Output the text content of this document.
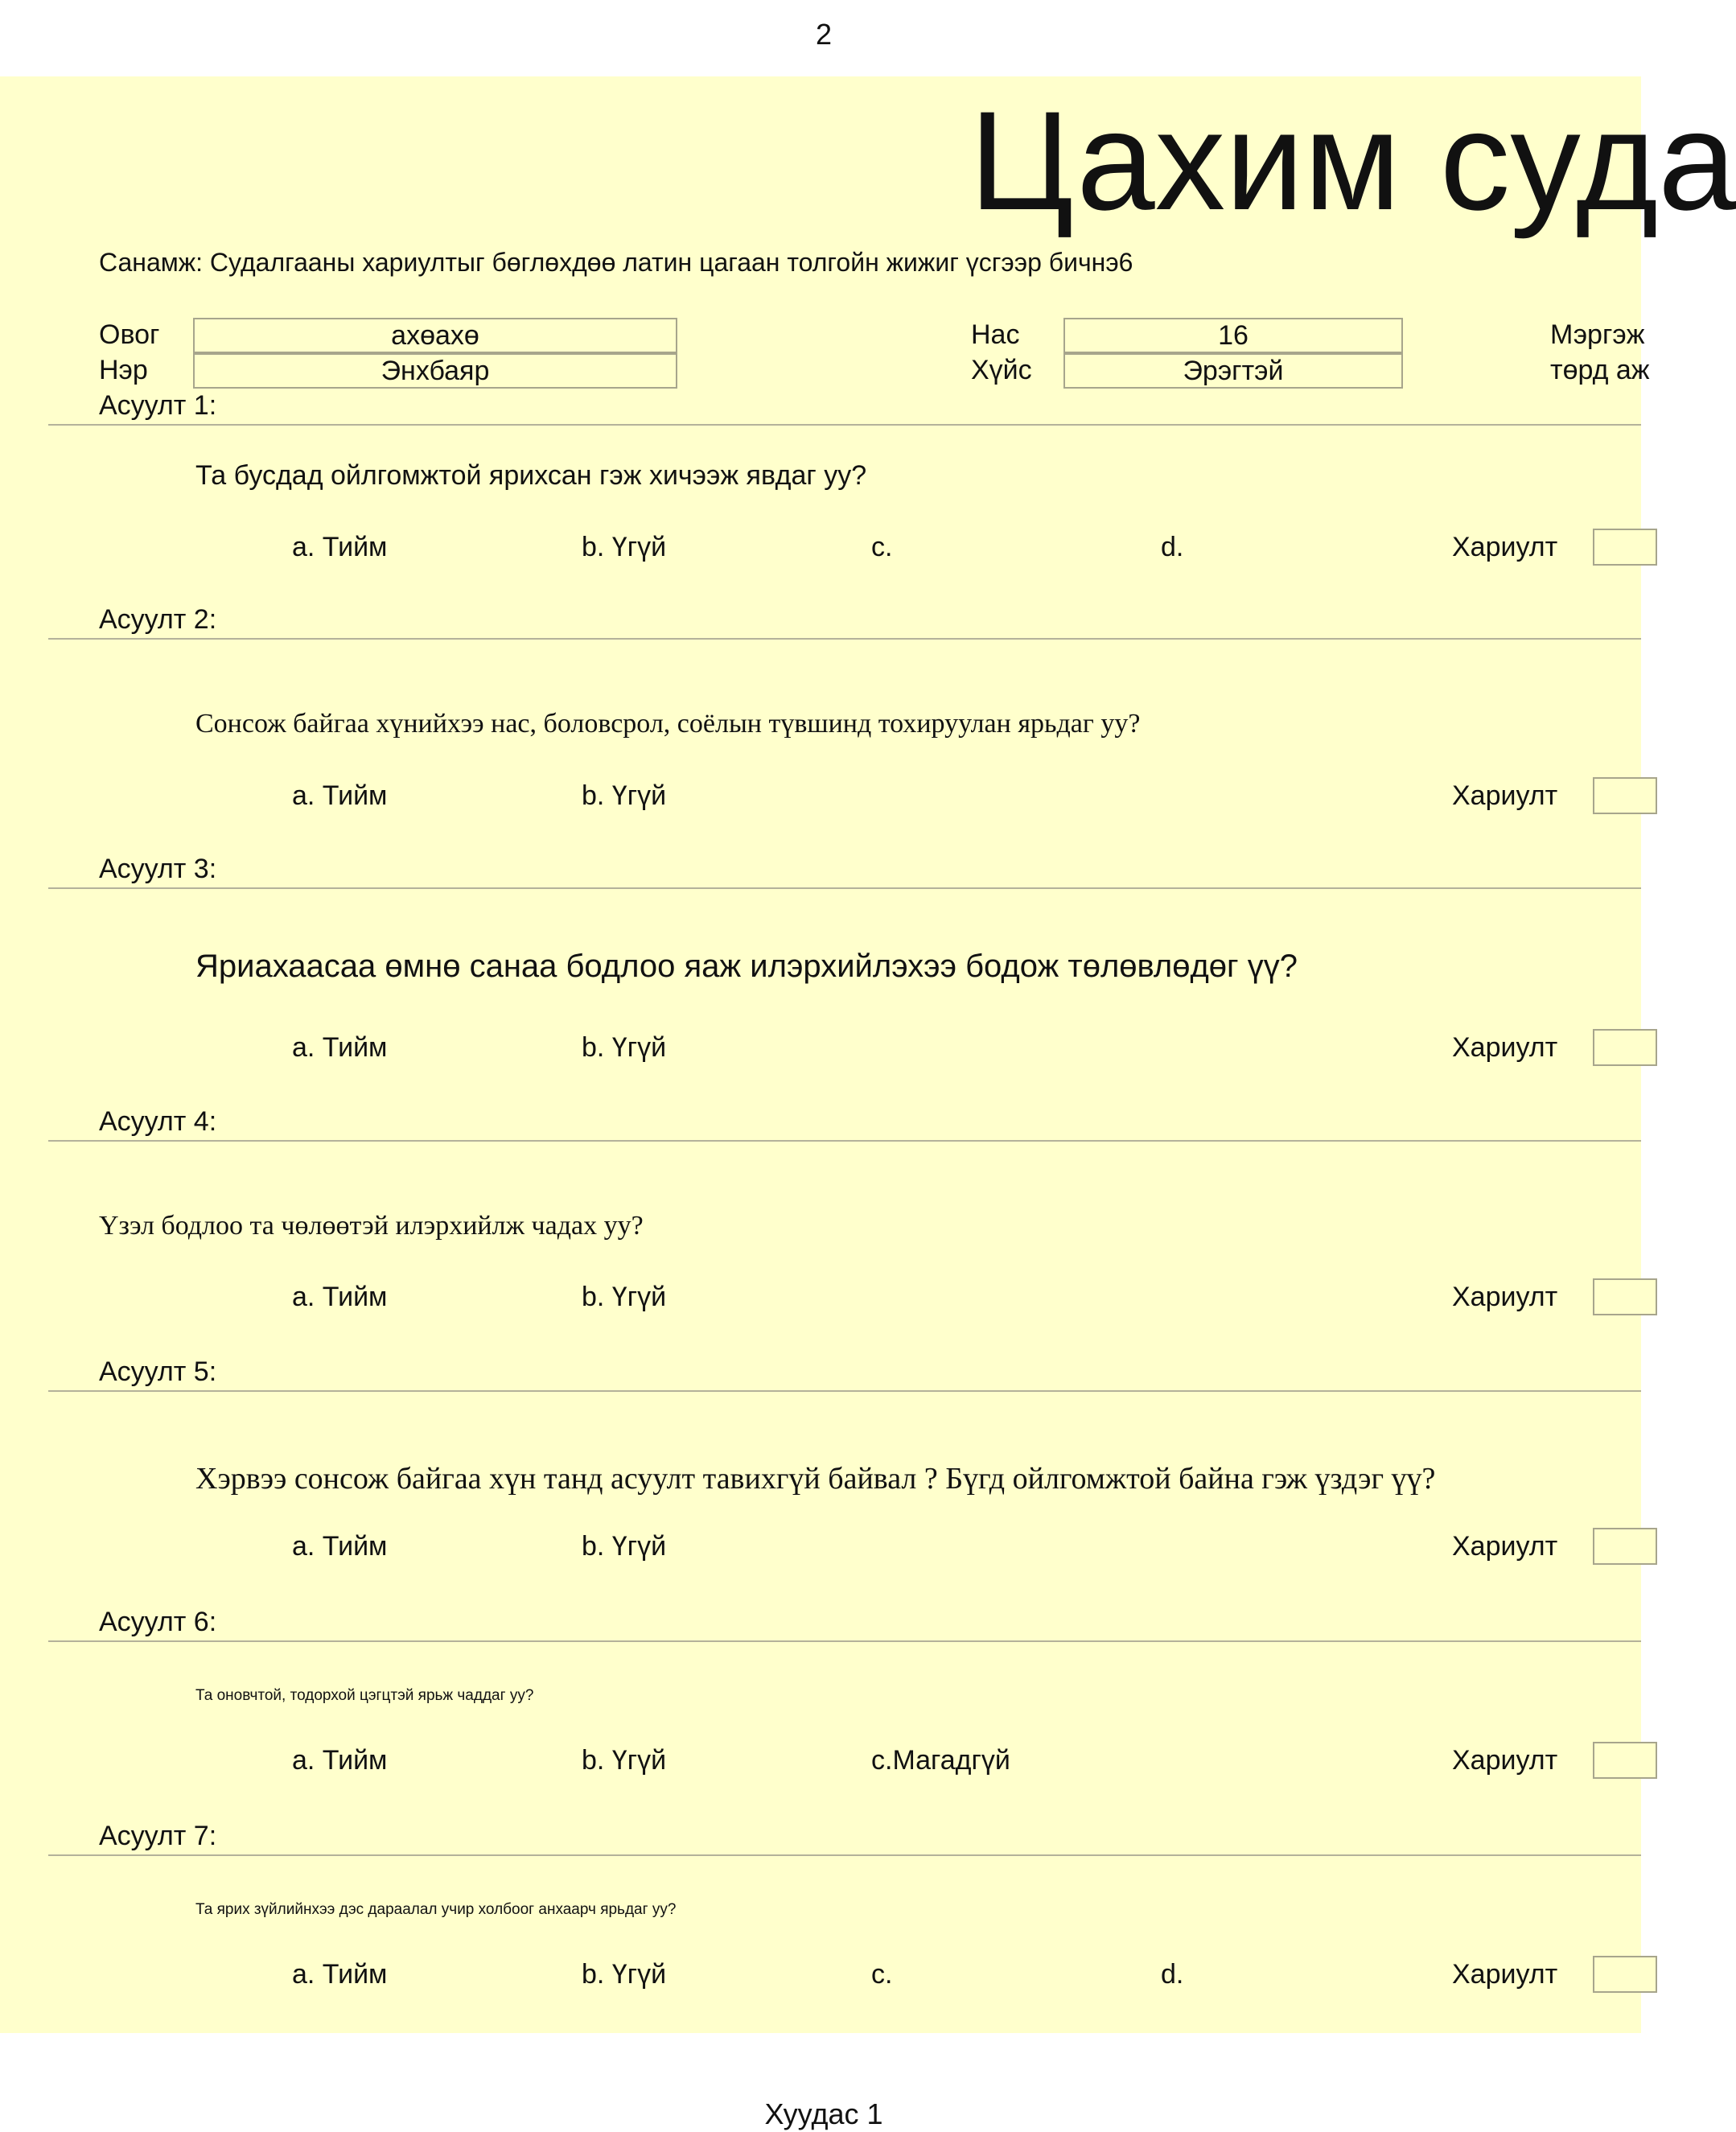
2
Цахим суда
Санамж: Судалгааны хариултыг бөглөхдөө латин цагаан толгойн жижиг үсгээр бичнэ6
Овог	ахөахө
Нэр	Энхбаяр
Нас	16
Хүйс	Эрэгтэй
Мэргэж
төрд аж
Асуулт 1:
Та бусдад ойлгомжтой ярихсан гэж хичээж явдаг уу?
a. Тийм	b. Үгүй	c.	d.	Хариулт
Асуулт 2:
Сонсож байгаа хүнийхээ нас, боловсрол, соёлын түвшинд тохируулан ярьдаг уу?
a. Тийм	b. Үгүй	Хариулт
Асуулт 3:
Яриахаасаа өмнө санаа бодлоо яаж илэрхийлэхээ бодож төлөвлөдөг үү?
a. Тийм	b. Үгүй	Хариулт
Асуулт 4:
Үзэл бодлоо та чөлөөтэй илэрхийлж чадах уу?
a. Тийм	b. Үгүй	Хариулт
Асуулт 5:
Хэрвээ сонсож байгаа хүн танд асуулт тавихгүй байвал ? Бүгд ойлгомжтой байна гэж үздэг үү?
a. Тийм	b. Үгүй	Хариулт
Асуулт 6:
Та оновчтой, тодорхой цэгцтэй ярьж чаддаг уу?
a. Тийм	b. Үгүй	c.Магадгүй	Хариулт
Асуулт 7:
Та ярих зүйлийнхээ дэс дараалал учир холбоог анхаарч ярьдаг уу?
a. Тийм	b. Үгүй	c.	d.	Хариулт
Хуудас 1
